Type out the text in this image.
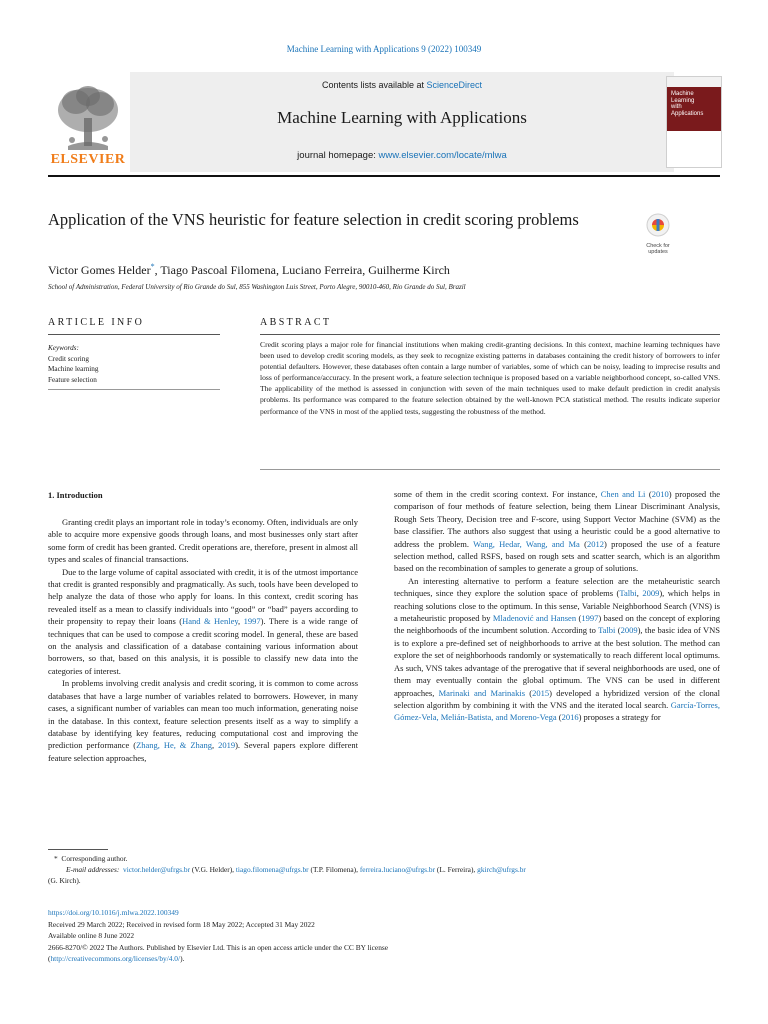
Machine Learning with Applications 9 (2022) 100349
ELSEVIER
Contents lists available at ScienceDirect
Machine Learning with Applications
journal homepage: www.elsevier.com/locate/mlwa
Machine
Learning
with
Applications
Application of the VNS heuristic for feature selection in credit scoring problems
Check for
updates
Victor Gomes Helder*, Tiago Pascoal Filomena, Luciano Ferreira, Guilherme Kirch
School of Administration, Federal University of Rio Grande do Sul, 855 Washington Luis Street, Porto Alegre, 90010-460, Rio Grande do Sul, Brazil
ARTICLE INFO
Keywords:
Credit scoring
Machine learning
Feature selection
ABSTRACT
Credit scoring plays a major role for financial institutions when making credit-granting decisions. In this context, machine learning techniques have been used to develop credit scoring models, as they seek to recognize existing patterns in databases containing the credit history of borrowers to infer potential defaulters. However, these databases often contain a large number of variables, some of which can be noisy, leading to imprecise results and loss of performance/accuracy. In the present work, a feature selection technique is proposed based on a variable neighborhood concept, so-called VNS. The applicability of the method is assessed in conjunction with seven of the main techniques used to make default prediction in credit analysis problems. Its performance was compared to the feature selection obtained by the well-known PCA statistical method. The results indicate superior performance of the VNS in most of the applied tests, suggesting the robustness of the method.
1. Introduction

Granting credit plays an important role in today’s economy. Often, individuals are only able to acquire more expensive goods through loans, and most businesses only start after some form of credit has been granted. Credit operations are, therefore, present in almost all types and scales of financial transactions.

Due to the large volume of capital associated with credit, it is of the utmost importance that credit is granted responsibly and pragmatically. As such, tools have been developed to help analyze the data of those who apply for loans. In this context, credit scoring has revealed itself as a mean to classify individuals into “good” or “bad” payers according to their propensity to repay their loans (Hand & Henley, 1997). There is a wide range of techniques that can be used to compose a credit scoring model. In general, these are based on the analysis and classification of a database containing various information about borrowers, so that, based on this analysis, it is possible to classify new data into the categories of interest.

In problems involving credit analysis and credit scoring, it is common to come across databases that have a large number of variables related to borrowers. However, in many cases, a significant number of variables can mean too much information, generating noise in the database. In this context, feature selection presents itself as a way to simplify a database by identifying key features, reducing computational cost and improving the prediction performance (Zhang, He, & Zhang, 2019). Several papers explore different feature selection approaches,

some of them in the credit scoring context. For instance, Chen and Li (2010) proposed the comparison of four methods of feature selection, being them Linear Discriminant Analysis, Rough Sets Theory, Decision tree and F-score, using Support Vector Machine (SVM) as the base classifier. The authors also suggest that using a heuristic could be a good alternative to address the problem. Wang, Hedar, Wang, and Ma (2012) proposed the use of a feature selection method, called RSFS, based on rough sets and scatter search, which is an algorithm based on the recombination of samples to generate a group of solutions.

An interesting alternative to perform a feature selection are the metaheuristic search techniques, since they explore the solution space of problems (Talbi, 2009), which helps in reaching solutions close to the optimum. In this sense, Variable Neighborhood Search (VNS) is a metaheuristic proposed by Mladenović and Hansen (1997) based on the concept of exploring the neighborhoods of the incumbent solution. According to Talbi (2009), the basic idea of VNS is to explore a pre-defined set of neighborhoods to arrive at the best solution. The method can explore the set of neighborhoods randomly or systematically to reach different local optimums. As such, VNS takes advantage of the prerogative that if several neighborhoods are used, one of them may eventually contain the global optimum. The VNS can be used in different approaches, Marinaki and Marinakis (2015) developed a hybridized version of the clonal selection algorithm by combining it with the VNS and the iterated local search. García-Torres, Gómez-Vela, Melián-Batista, and Moreno-Vega (2016) proposes a strategy for

* Corresponding author.
E-mail addresses: victor.helder@ufrgs.br (V.G. Helder), tiago.filomena@ufrgs.br (T.P. Filomena), ferreira.luciano@ufrgs.br (L. Ferreira), gkirch@ufrgs.br
(G. Kirch).
https://doi.org/10.1016/j.mlwa.2022.100349
Received 29 March 2022; Received in revised form 18 May 2022; Accepted 31 May 2022
Available online 8 June 2022
2666-8270/© 2022 The Authors. Published by Elsevier Ltd. This is an open access article under the CC BY license
(http://creativecommons.org/licenses/by/4.0/).
